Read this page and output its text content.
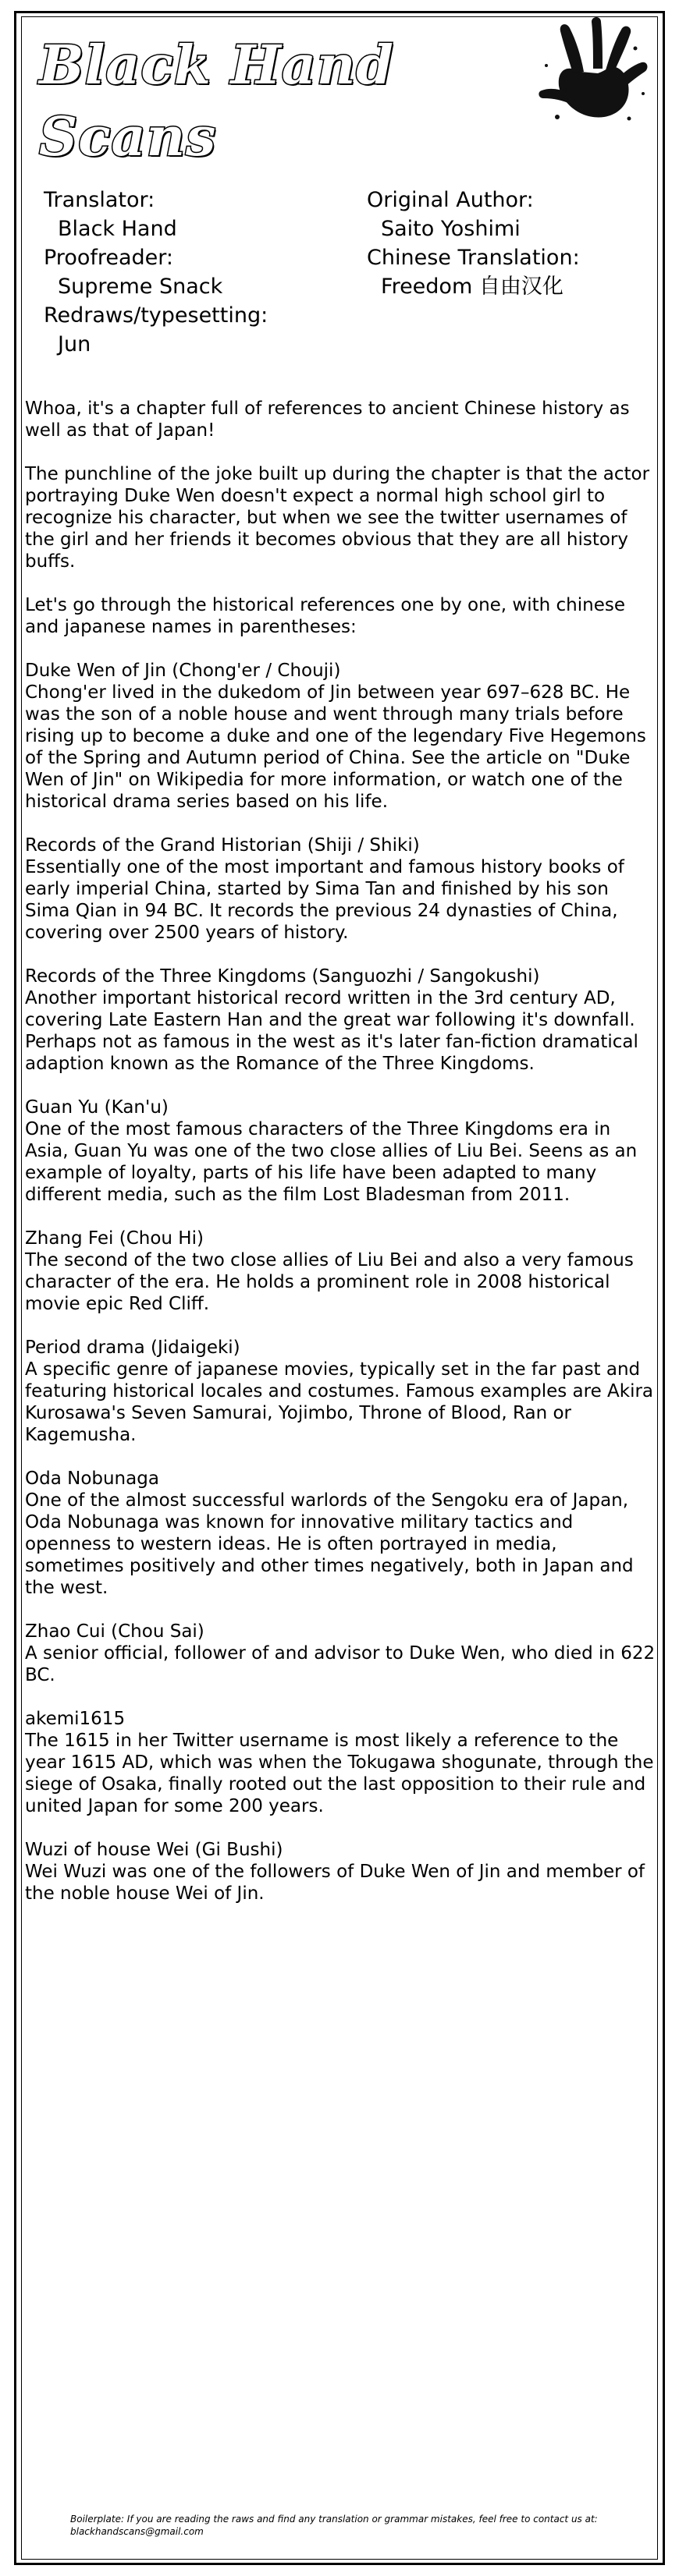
Black Hand Scans
Translator:
Black Hand
Proofreader:
Supreme Snack
Redraws/typesetting:
Jun
Original Author:
Saito Yoshimi
Chinese Translation:
Freedom 自由汉化

Whoa, it's a chapter full of references to ancient Chinese history as well as that of Japan!

The punchline of the joke built up during the chapter is that the actor portraying Duke Wen doesn't expect a normal high school girl to recognize his character, but when we see the twitter usernames of the girl and her friends it becomes obvious that they are all history buffs.

Let's go through the historical references one by one, with chinese and japanese names in parentheses:

Duke Wen of Jin (Chong'er / Chouji)

Chong'er lived in the dukedom of Jin between year 697–628 BC. He was the son of a noble house and went through many trials before rising up to become a duke and one of the legendary Five Hegemons of the Spring and Autumn period of China. See the article on "Duke Wen of Jin" on Wikipedia for more information, or watch one of the historical drama series based on his life.

Records of the Grand Historian (Shiji / Shiki)

Essentially one of the most important and famous history books of early imperial China, started by Sima Tan and finished by his son Sima Qian in 94 BC. It records the previous 24 dynasties of China, covering over 2500 years of history.

Records of the Three Kingdoms (Sanguozhi / Sangokushi)

Another important historical record written in the 3rd century AD, covering Late Eastern Han and the great war following it's downfall. Perhaps not as famous in the west as it's later fan-fiction dramatical adaption known as the Romance of the Three Kingdoms.

Guan Yu (Kan'u)

One of the most famous characters of the Three Kingdoms era in Asia, Guan Yu was one of the two close allies of Liu Bei. Seens as an example of loyalty, parts of his life have been adapted to many different media, such as the film Lost Bladesman from 2011.

Zhang Fei (Chou Hi)

The second of the two close allies of Liu Bei and also a very famous character of the era. He holds a prominent role in 2008 historical movie epic Red Cliff.

Period drama (Jidaigeki)

A specific genre of japanese movies, typically set in the far past and featuring historical locales and costumes. Famous examples are Akira Kurosawa's Seven Samurai, Yojimbo, Throne of Blood, Ran or Kagemusha.

Oda Nobunaga

One of the almost successful warlords of the Sengoku era of Japan, Oda Nobunaga was known for innovative military tactics and openness to western ideas. He is often portrayed in media, sometimes positively and other times negatively, both in Japan and the west.

Zhao Cui (Chou Sai)

A senior official, follower of and advisor to Duke Wen, who died in 622 BC.

akemi1615

The 1615 in her Twitter username is most likely a reference to the year 1615 AD, which was when the Tokugawa shogunate, through the siege of Osaka, finally rooted out the last opposition to their rule and united Japan for some 200 years.

Wuzi of house Wei (Gi Bushi)

Wei Wuzi was one of the followers of Duke Wen of Jin and member of the noble house Wei of Jin.

Boilerplate: If you are reading the raws and find any translation or grammar mistakes, feel free to contact us at: blackhandscans@gmail.com
